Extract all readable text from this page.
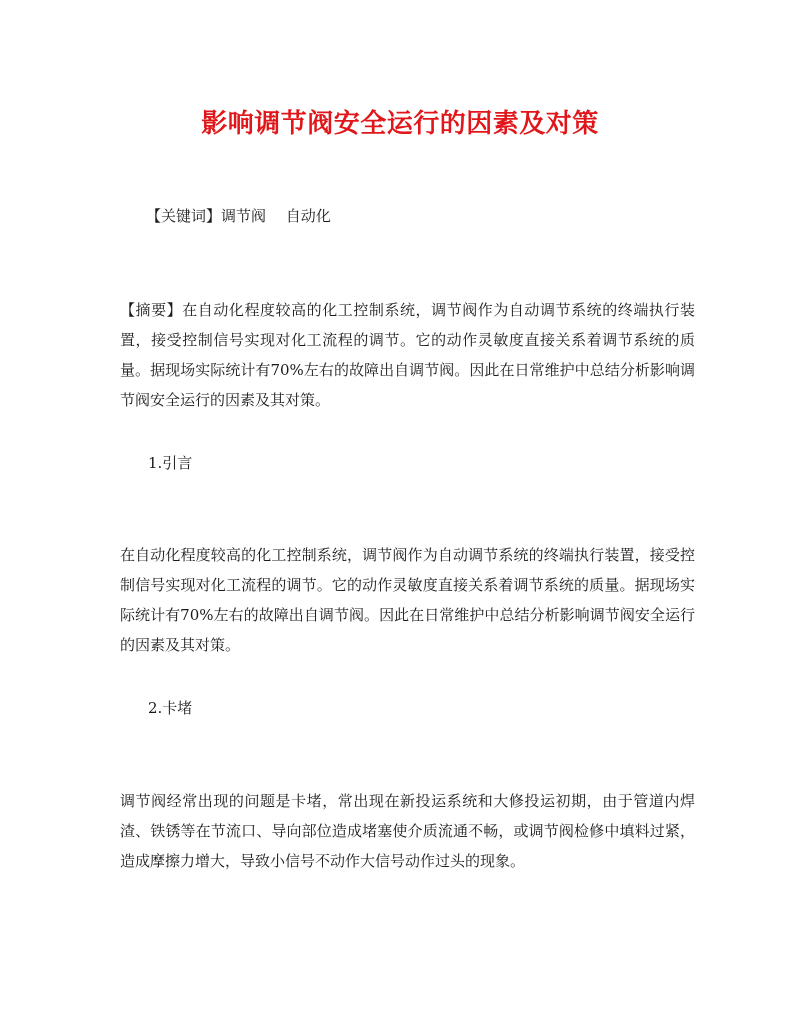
影响调节阀安全运行的因素及对策
【关键词】调节阀　 自动化
【摘要】在自动化程度较高的化工控制系统，调节阀作为自动调节系统的终端执行装置，接受控制信号实现对化工流程的调节。它的动作灵敏度直接关系着调节系统的质量。据现场实际统计有70%左右的故障出自调节阀。因此在日常维护中总结分析影响调节阀安全运行的因素及其对策。
1.引言
在自动化程度较高的化工控制系统，调节阀作为自动调节系统的终端执行装置，接受控制信号实现对化工流程的调节。它的动作灵敏度直接关系着调节系统的质量。据现场实际统计有70%左右的故障出自调节阀。因此在日常维护中总结分析影响调节阀安全运行的因素及其对策。
2.卡堵
调节阀经常出现的问题是卡堵，常出现在新投运系统和大修投运初期，由于管道内焊渣、铁锈等在节流口、导向部位造成堵塞使介质流通不畅，或调节阀检修中填料过紧，造成摩擦力增大，导致小信号不动作大信号动作过头的现象。
